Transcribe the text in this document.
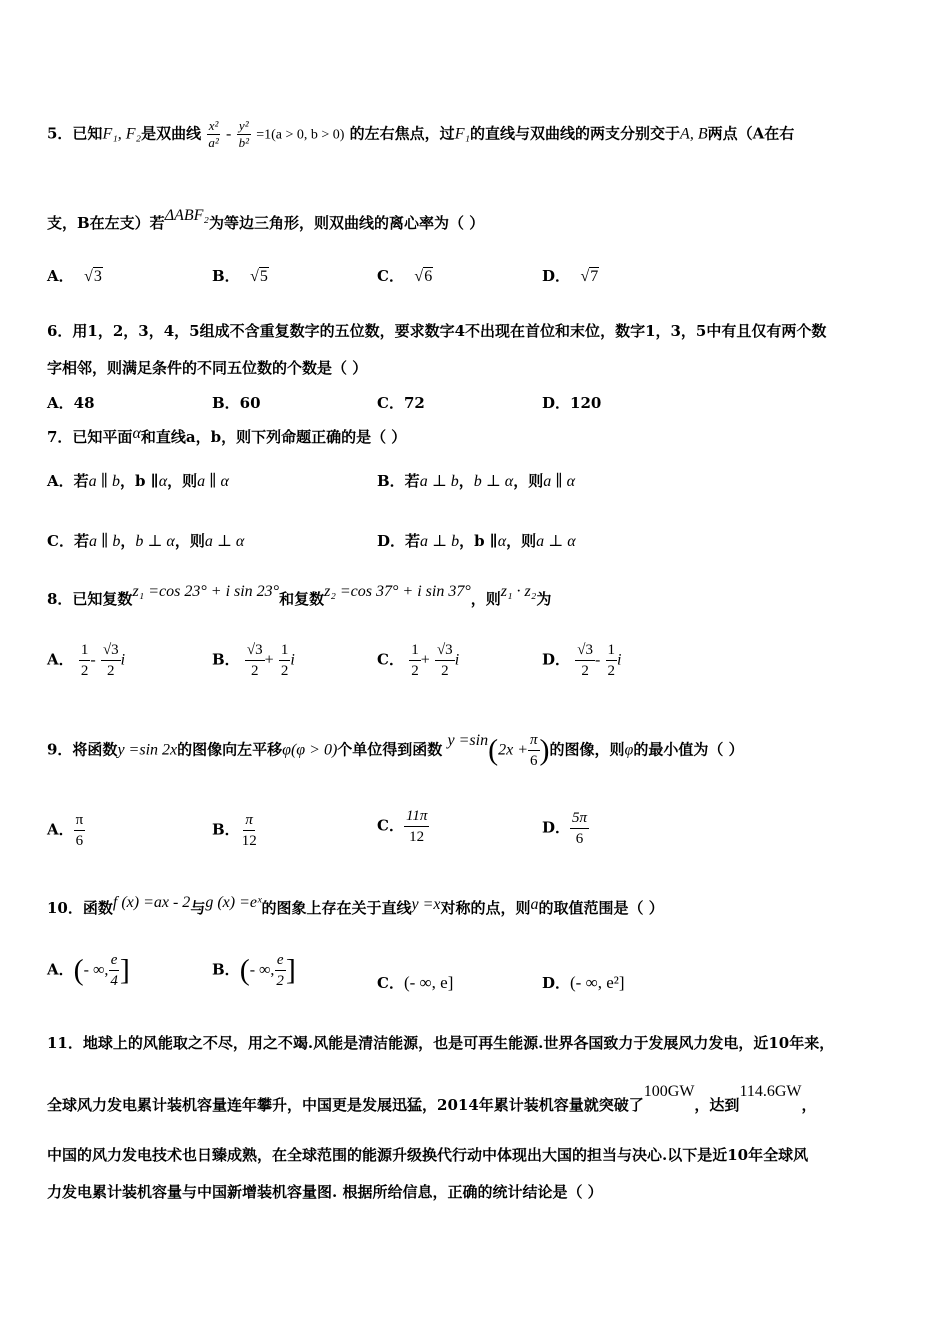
5．已知F₁, F₂是双曲线 $\frac{\text{x²}}{\text{a²}} - \frac{\text{y²}}{\text{b²}} =1(a > 0$, b > 0) 的左右焦点，过F₁的直线与双曲线的两支分别交于A, B两点（A在右
支，B在左支）若ΔABF₂为等边三角形，则双曲线的离心率为（ ）
A． √3	B． √5	C． √6	D． √7
6．用1，2，3，4，5组成不含重复数字的五位数，要求数字4不出现在首位和末位，数字1，3，5中有且仅有两个数
字相邻，则满足条件的不同五位数的个数是（ ）
A．48	B．60	C．72	D．120
7．已知平面α和直线a，b，则下列命题正确的是（ ）
A．若a ∥ b，b ∥α，则a ∥ α	B．若a ⊥ b，b ⊥ α，则a ∥ α
C．若a ∥ b，b ⊥ α，则a ⊥ α	D．若a ⊥ b，b ∥α，则a ⊥ α
8．已知复数z₁ =cos 23° + i sin 23°和复数z₂ =cos 37° + i sin 37°，则z₁ · z₂为
A． $\frac{1}{2} - \frac{√3}{2}$ i	B． $\frac{√3}{2} + \frac{1}{2}$ i	C． $\frac{1}{2} + \frac{√3}{2}$ i	D． $\frac{√3}{2} - \frac{1}{2}$ i
9．将函数y =sin 2x的图像向左平移φ(φ > 0)个单位得到函数 $y =\sin(2x + \frac{\pi}{6}$ )的图像，则φ的最小值为（ ）
A． $\frac{\pi}{6}$	B． $\frac{\pi}{12}$	C． $\frac{11\pi}{12}$	D． $\frac{5\pi}{6}$
10．函数f (x) =ax - 2与g (x) =eˣ的图象上存在关于直线y =x对称的点，则a的取值范围是（ ）
A．(- ∞, $\frac{e}{4}$ ]	B．(- ∞, $\frac{e}{2}$ ]	C．(- ∞, e]	D．(- ∞, e²]
11．地球上的风能取之不尽，用之不竭.风能是清洁能源，也是可再生能源.世界各国致力于发展风力发电，近10年来，
全球风力发电累计装机容量连年攀升，中国更是发展迅猛，2014年累计装机容量就突破了100GW，达到114.6GW，
中国的风力发电技术也日臻成熟，在全球范围的能源升级换代行动中体现出大国的担当与决心.以下是近10年全球风
力发电累计装机容量与中国新增装机容量图. 根据所给信息，正确的统计结论是（ ）
